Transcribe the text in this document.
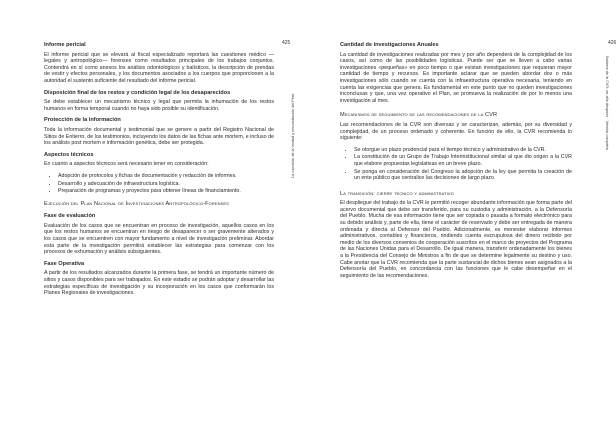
425
La comisión de la verdad y reconciliación del Perú
Informe pericial
El informe pericial que se elevará al fiscal especializado reportará las cuestiones médico —legales y antropológico— forenses como resultados principales de los trabajos conjuntos. Contendrá en sí como anexos los análisis odontológicos y balísticos, la descripción de prendas de vestir y efectos personales, y los documentos asociados a los cuerpos que proporcionen a la autoridad el sustento suficiente del resultado del informe pericial.
Disposición final de los restos y condición legal de los desaparecidos
Se debe establecer un mecanismo técnico y legal que permita la inhumación de los restos humanos en forma temporal cuando no haya sido posible su identificación.
Protección de la información
Toda la información documental y testimonial que se genere a partir del Registro Nacional de Sitios de Entierro, de los testimonios, incluyendo los datos de las fichas ante mortem, e incluso de los análisis post mortem e información genética, debe ser protegida.
Aspectos técnicos
En cuanto a aspectos técnicos será necesario tener en consideración:
• Adopción de protocolos y fichas de documentación y redacción de informes.
• Desarrollo y adecuación de infraestructura logística.
• Preparación de programas y proyectos para obtener líneas de financiamiento.
Ejecución del Plan Nacional de Investigaciones Antropológico-Forenses
Fase de evaluación
Evaluación de los casos que se encuentran en proceso de investigación, aquellos casos en los que los restos humanos se encuentran en riesgo de desaparecer o ser gravemente alterados y los casos que se encuentren con mayor fundamento a nivel de investigación preliminar. Abordar esta parte de la investigación permitirá establecer las estrategias para comenzar con los procesos de exhumación y análisis subsiguientes.
Fase Operativa
A partir de los resultados alcanzados durante la primera fase, se tendrá un importante número de sitios y casos disponibles para ser trabajados. En este estadio se podrán adoptar y desarrollar las estrategias específicas de investigación y su incorporación en los casos que conformarán los Planes Regionales de investigaciones.
426
Balance de la CVR: un año después · Versión completa
Cantidad de investigaciones Anuales
La cantidad de investigaciones realizadas por mes y por año dependerá de la complejidad de los casos, así como de las posibilidades logísticas. Puede ser que se lleven a cabo varias investigaciones «pequeñas» en poco tiempo o que existan investigaciones que requieran mayor cantidad de tiempo y recursos. Es importante aclarar que se pueden abordar dos o más investigaciones sólo cuando se cuenta con la infraestructura operativa necesaria, teniendo en cuenta las exigencias que genera. Es fundamental en este punto que no queden investigaciones inconclusas y que, una vez operativo el Plan, se promueva la realización de por lo menos una investigación al mes.
Mecanismos de seguimiento de las recomendaciones de la CVR
Las recomendaciones de la CVR son diversas y se caracterizan, además, por su diversidad y complejidad, de un proceso ordenado y coherente. En función de ello, la CVR recomienda lo siguiente:
• Se otorgue un plazo prudencial para el tiempo técnico y administrativo de la CVR.
• La constitución de un Grupo de Trabajo Interinstitucional similar al que dio origen a la CVR que elabore propuestas legislativas en un breve plazo.
• Se ponga en consideración del Congreso la adopción de la ley que permita la creación de un ente público que centralice las decisiones de largo plazo.
La transición: cierre técnico y administrativo
El despliegue del trabajo de la CVR le permitió recoger abundante información que forma parte del acervo documental que debe ser transferido, para su custodia y administración, a la Defensoría del Pueblo. Mucha de esa información tiene que ser copiada o pasada a formato electrónico para su debido análisis y, parte de ella, tiene el carácter de reservado y debe ser entregada de manera ordenada y directa al Defensor del Pueblo. Adicionalmente, es menester elaborar informes administrativos, contables y financieros, rindiendo cuenta escrupulosa del dinero recibido por medio de los diversos convenios de cooperación suscritos en el marco de proyectos del Programa de las Naciones Unidas para el Desarrollo. De igual manera, transferir ordenadamente los bienes a la Presidencia del Consejo de Ministros a fin de que se determine legalmente su destino y uso. Cabe anotar que la CVR recomienda que la parte sustancial de dichos bienes sean asignados a la Defensoría del Pueblo, en concordancia con las funciones que le cabe desempeñar en el seguimiento de las recomendaciones.
